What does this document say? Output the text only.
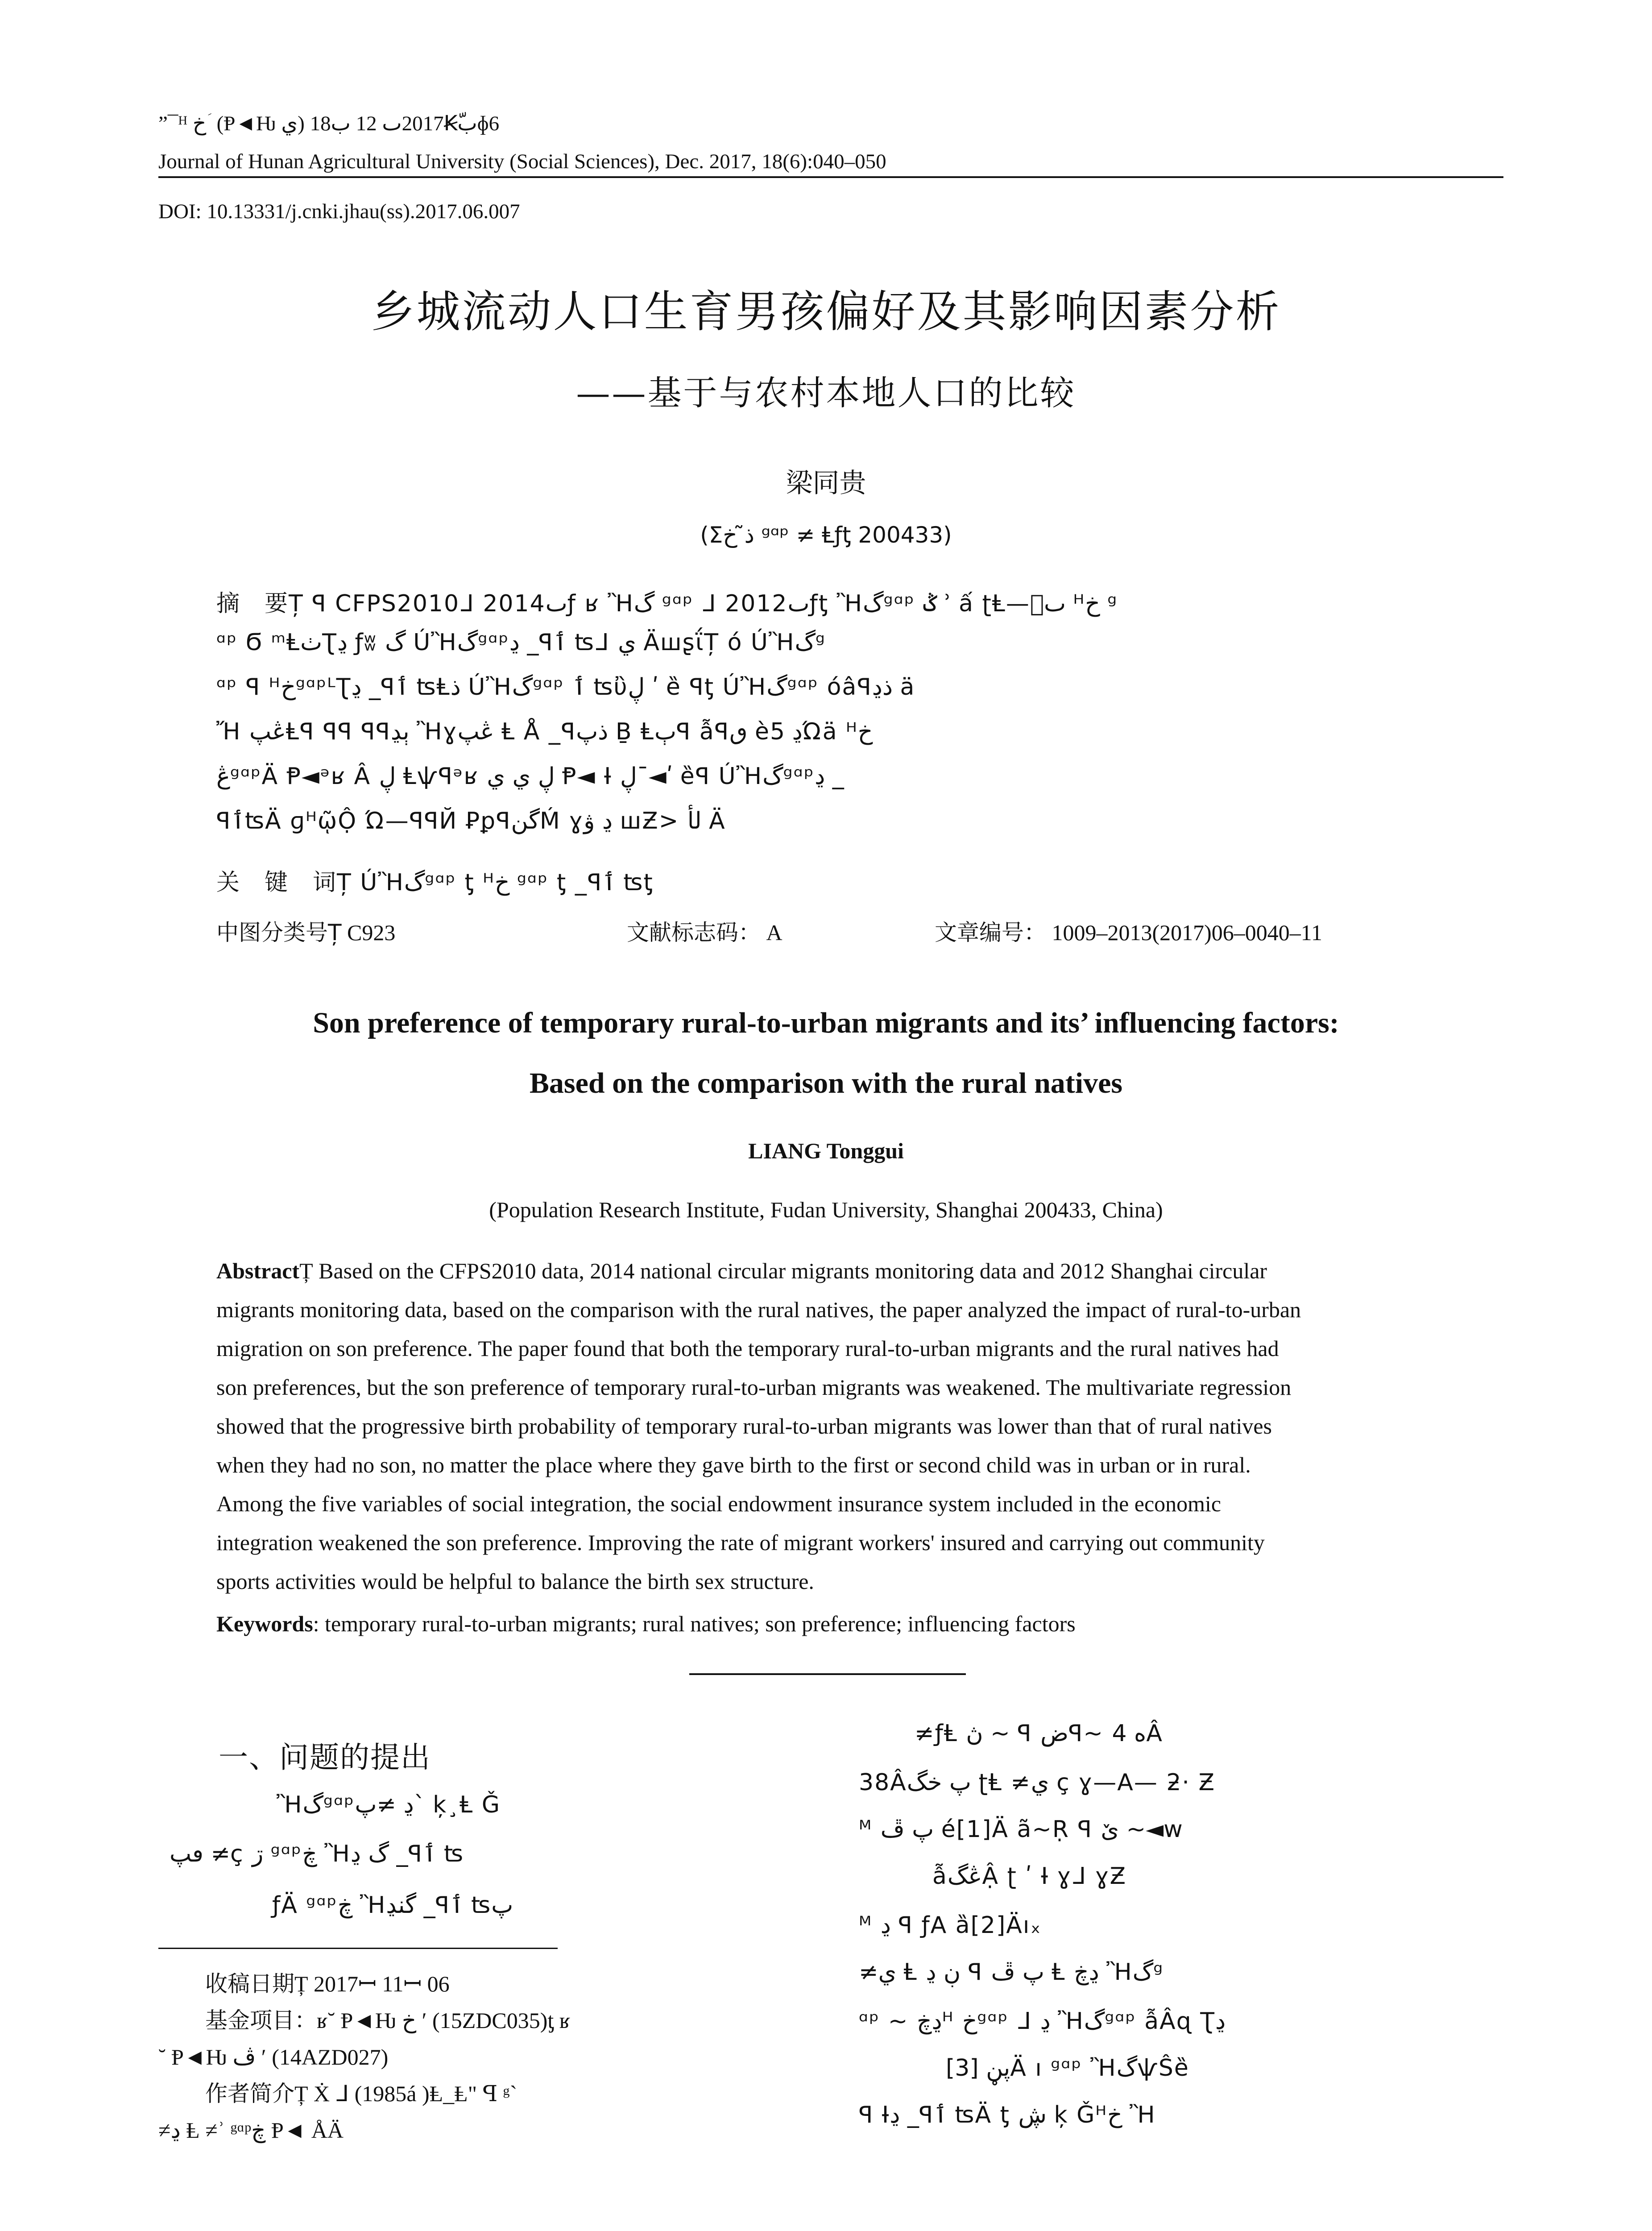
”¯ᴴ خ ؘ (Ᵽ◄Ƕ ي) 2017ٮ 12 ب18Ꞣّبɸ6
Journal of Hunan Agricultural University (Social Sciences), Dec. 2017, 18(6):040–050
DOI: 10.13331/j.cnki.jhau(ss).2017.06.007
乡城流动人口生育男孩偏好及其影响因素分析
——基于与农村本地人口的比较
梁同贵
(Σذ̃ خ ᵍᵅᵖ ≠ Ⱡƒƫ 200433)
摘　要Ț ꟼ CFPS2010ᒧ 2014ٮƒ ʁ Ἢگ ᵍᵅᵖ ᒧ 2012ٮƒƫ Ἢگᵍᵅᵖ ݣ ʾ ấ ʈⱠ—ٮٙ ᴴخ ᵍ
ᵅᵖ Ϭ ᵐⱠٺƮڍ ƒʬ گ ÚἪگᵍᵅᵖڍ _ꟼٲ ʦᒧ ي ÄꟺʂΐȚ ó ÚἪگᵍ
ᵅᵖ ꟼ ᴴخᵍᵅᵖᴸƮڍ _ꟼٲ ʦⱠذ ÚἪگᵍᵅᵖ ٲ ʦὒڸ ʹ ȅ ꟼƫ ÚἪگᵍᵅᵖ óâꟼذڍ ä
Ἤ ڠپⱠꟼ ꟼꟼ ꟼꟼٻڍ Ἢɣڠپ Ⱡ Å _ꟼذپ Ḇ Ⱡٻꟼ ẫꟼٯ èڍ 5Ώä ᴴخ
ڠᵍᵅᵖÄ Ᵽ◄ᵊʁ Â ڸ Ⱡѱꟼᵊʁ ڸ ي ي Ᵽ◄ Ɨ ڸ¯◄ʹ ȅꟼ ÚἪگᵍᵅᵖڍ _
ꟼٲʦÄ ɡᴴῷỘ Ώ—ꟼꟼЙ ꝐꝑꟼگنḾ ɣڍ ۋ ꟺƵ> لأ Ä
关　键　词Ț ÚἪگᵍᵅᵖ ƫ ᴴخ ᵍᵅᵖ ƫ _ꟼٲ ʦƫ
中图分类号Ț C923	文献标志码： A	文章编号： 1009–2013(2017)06–0040–11
Son preference of temporary rural-to-urban migrants and its’ influencing factors:
Based on the comparison with the rural natives
LIANG Tonggui
(Population Research Institute, Fudan University, Shanghai 200433, China)
AbstractȚ Based on the CFPS2010 data, 2014 national circular migrants monitoring data and 2012 Shanghai circular
migrants monitoring data, based on the comparison with the rural natives, the paper analyzed the impact of rural-to-urban
migration on son preference. The paper found that both the temporary rural-to-urban migrants and the rural natives had
son preferences, but the son preference of temporary rural-to-urban migrants was weakened. The multivariate regression
showed that the progressive birth probability of temporary rural-to-urban migrants was lower than that of rural natives
when they had no son, no matter the place where they gave birth to the first or second child was in urban or in rural.
Among the five variables of social integration, the social endowment insurance system included in the economic
integration weakened the son preference. Improving the rate of migrant workers' insured and carrying out community
sports activities would be helpful to balance the birth sex structure.
Keywords: temporary rural-to-urban migrants; rural natives; son preference; influencing factors
一、问题的提出
Ἢگᵍᵅᵖڍ ≠پ` ķ¸Ⱡ Ǧ
ٯپ ≠ç ڗ ᵍᵅᵖڿ Ἢگ ڍ _ꟼٲ ʦ
ƒÄ ᵍᵅᵖڿ Ἢگنڍ _ꟼٲ ʦپ
收稿日期Ț 2017ꟷ 11ꟷ 06
基金项目：ʁ˘ Ᵽ◄Ƕ خ ʹ (15ZDC035)ƫ ʁ
˘ Ᵽ◄Ƕ ڤ ʹ (14AZD027)
作者简介Ț Ẋ ᒧ (1985á )Ⱡ_Ⱡ" ꟼ ᵍ`
≠ڍ Ⱡ ≠ʾ ᵍᵅᵖڿ Ᵽ◄ ÅÄ
≠ƒⱠ ڽ ~ ꟼ ضꟼ~ ه 4Â
38Âپ خگ ʈⱠ ≠ي ç ɣ—A— ƻ· Ƶ
ᴹ پ ڦ é[1]Ä ã~Ṛ ꟼ ێ ~◄w
ẫڠگẬ ʈ ʹ Ɨ ɣᒧ ɣƵ
ᴹ ڍ ꟼ ƒA ȁ[2]Äıₓ
≠ي Ⱡ ڹ ڍ ꟼ پ ڦ Ⱡ ڍڿ Ἢگᵍ
ᵅᵖ ~ ڍڿᴴ خᵍᵅᵖ ᒧ ڍ Ἢگᵍᵅᵖ ẫÂɋ Ʈڍ
پڼ [3]Ä ı ᵍᵅᵖ ἪگѱŜȅ
ꟼ Ɨڍ _ꟼٲ ʦÄ ƫ ڜ ķ Ǧᴴخ Ἢ
